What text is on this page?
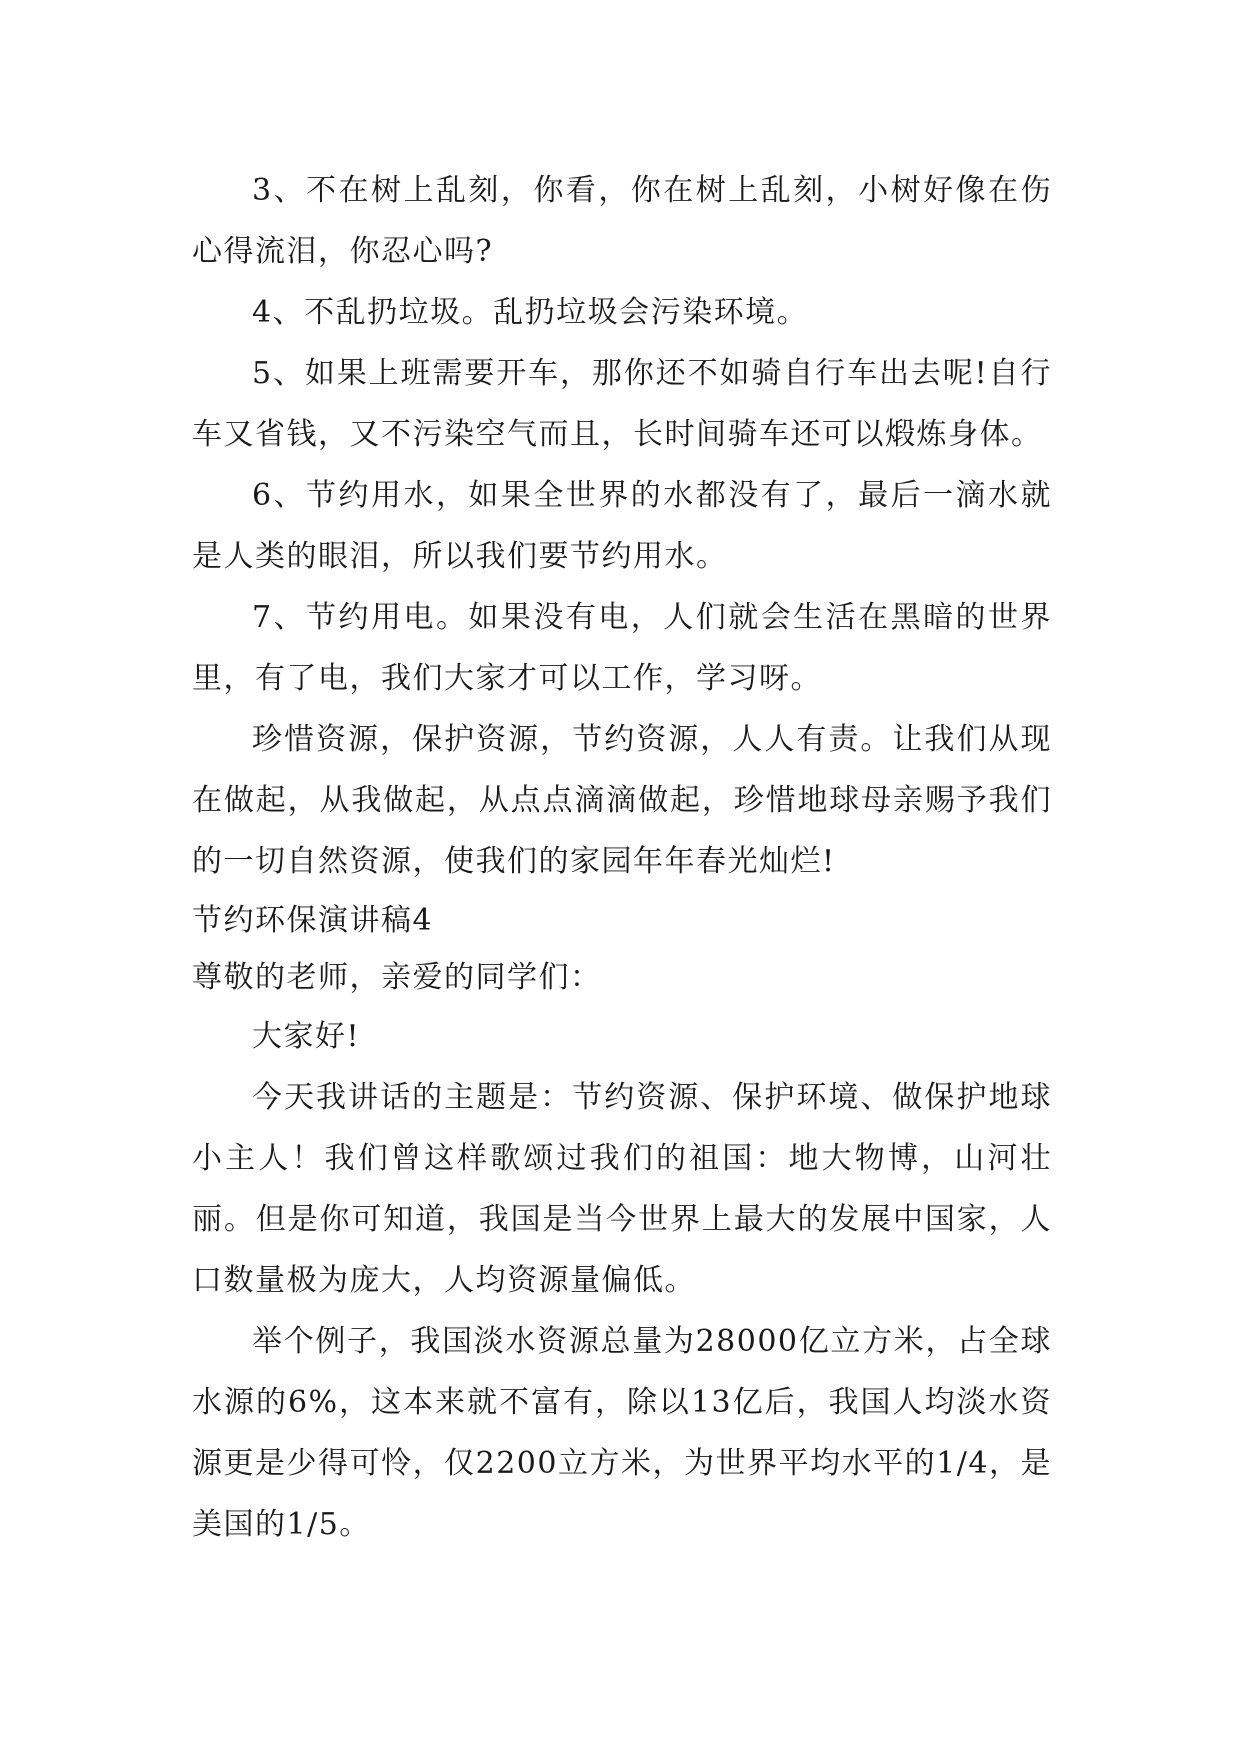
3、不在树上乱刻，你看，你在树上乱刻，小树好像在伤心得流泪，你忍心吗?

4、不乱扔垃圾。乱扔垃圾会污染环境。

5、如果上班需要开车，那你还不如骑自行车出去呢!自行车又省钱，又不污染空气而且，长时间骑车还可以煅炼身体。

6、节约用水，如果全世界的水都没有了，最后一滴水就是人类的眼泪，所以我们要节约用水。

7、节约用电。如果没有电，人们就会生活在黑暗的世界里，有了电，我们大家才可以工作，学习呀。

珍惜资源，保护资源，节约资源，人人有责。让我们从现在做起，从我做起，从点点滴滴做起，珍惜地球母亲赐予我们的一切自然资源，使我们的家园年年春光灿烂!

节约环保演讲稿4

尊敬的老师，亲爱的同学们：

大家好!

今天我讲话的主题是：节约资源、保护环境、做保护地球小主人！我们曾这样歌颂过我们的祖国：地大物博，山河壮丽。但是你可知道，我国是当今世界上最大的发展中国家，人口数量极为庞大，人均资源量偏低。

举个例子，我国淡水资源总量为28000亿立方米，占全球水源的6%，这本来就不富有，除以13亿后，我国人均淡水资源更是少得可怜，仅2200立方米，为世界平均水平的1/4，是美国的1/5。
